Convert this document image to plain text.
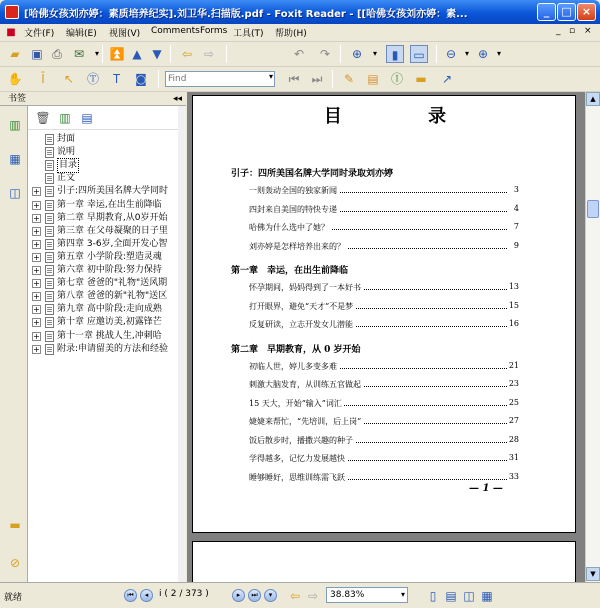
[哈佛女孩刘亦婷：素质培养纪实].刘卫华.扫描版.pdf - Foxit Reader - [[哈佛女孩刘亦婷：素...	_	□ ×
■ 文件(F) 编辑(E) 视图(V) Comments Forms 工具(T) 帮助(H)	_ ▫ ×
▰ ▣ ⎙	✉	▾ ⏫ ▲ ▼	⇦ ⇨	↶	↷	⊕	▾	▮	▭	⊖	▾ ⊕	▾
✋	Ī	↖	Ⓣ	Ꭲ	◙
Find	▾ ⏮ ⏭	✎	▤ Ⓘ ▬	↗
书签	◂◂
▥
▦
◫
▬
⊘
🗑 ▥ ▤
封面
说明
目录
正文
+ 引子:四所美国名牌大学同时
+ 第一章 幸运,在出生前降临
+ 第二章 早期教育,从0岁开始
+ 第三章 在父母凝聚的日子里
+ 第四章 3-6岁,全面开发心智
+ 第五章 小学阶段:塑造灵魂
+ 第六章 初中阶段:努力保持
+ 第七章 爸爸的"礼物"送风期
+ 第八章 爸爸的新"礼物"送区
+ 第九章 高中阶段:走向成熟
+ 第十章 应邀访美,初露锋芒
+ 第十一章 挑战人生,冲刺哈
+ 附录:申请留美的方法和经验
目 录
引子：四所美国名牌大学同时录取刘亦婷
一则轰动全国的独家新闻	3
四封来自美国的特快专递	4
哈佛为什么选中了她？	7
刘亦婷是怎样培养出来的？	9
第一章　幸运，在出生前降临
怀孕期间，妈妈得到了一本好书	13
打开眼界，避免“天才”不是梦	15
反复研读，立志开发女儿潜能	16
第二章　早期教育，从 0 岁开始
初临人世，婷儿多变多难	21
刺激大脑发育，从训练五官做起	23
15 天大，开始“输入”词汇	25
婕婕来帮忙，“先培训，后上岗”	27
饭后散步时，播撒兴趣的种子	28
学得越多，记忆力发展越快	31
睡够睡好，思维训练需飞跃	33
— 1 —
▲
▼
就绪	⏮	◂	i ( 2 / 373 )	▸	⏭	▾	⇦ ⇨	38.83%	▾	▯ ▤ ◫ ▦
